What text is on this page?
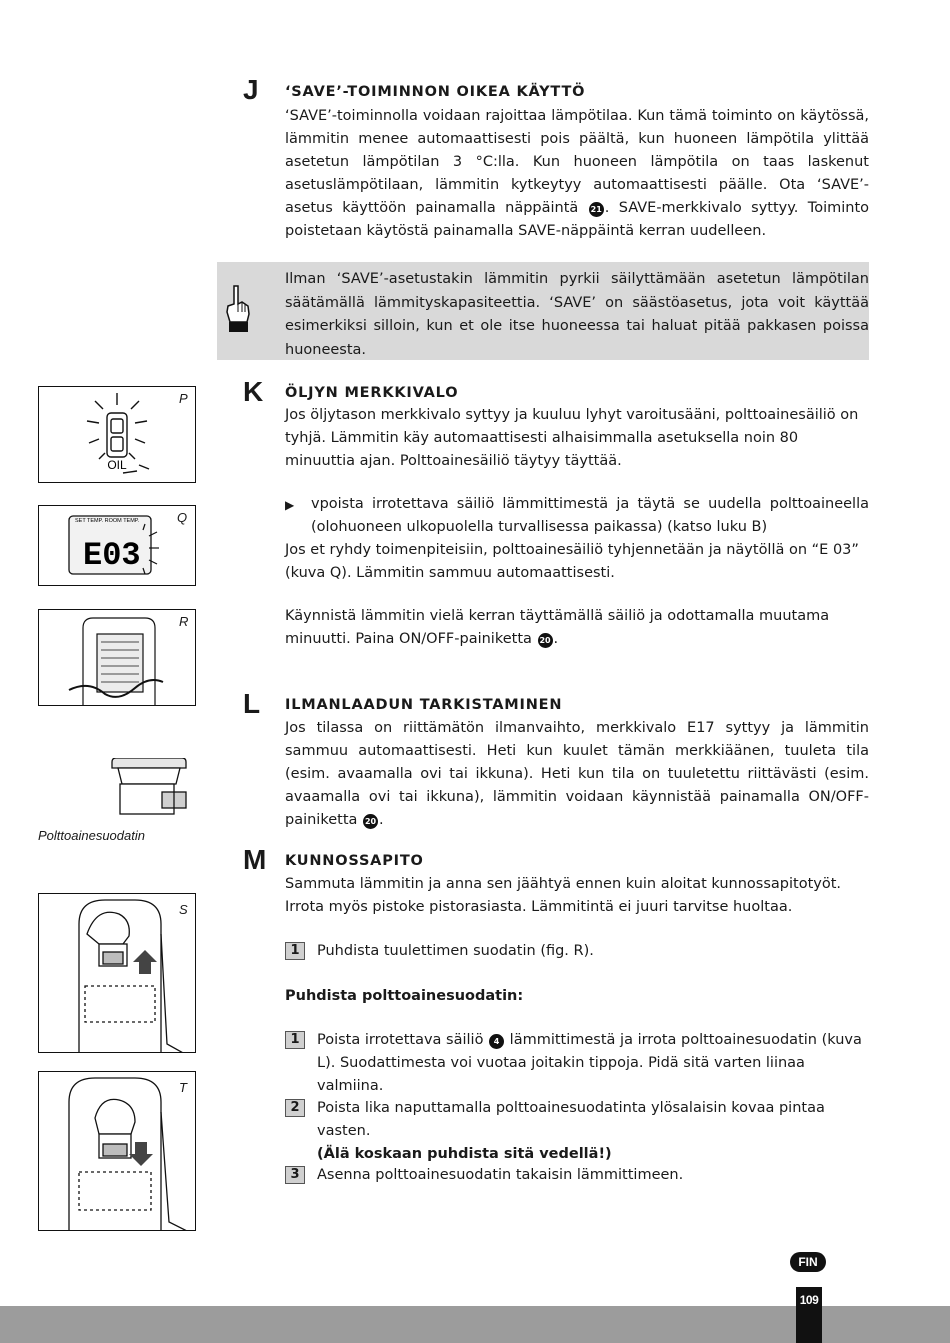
J ‘SAVE’-TOIMINNON OIKEA KÄYTTÖ

‘SAVE’-toiminnolla voidaan rajoittaa lämpötilaa. Kun tämä toiminto on käytössä, lämmitin menee automaattisesti pois päältä, kun huoneen lämpötila ylittää asetetun lämpötilan 3 °C:lla. Kun huoneen lämpötila on taas laskenut asetuslämpötilaan, lämmitin kytkeytyy automaattisesti päälle. Ota ‘SAVE’-asetus käyttöön painamalla näppäintä 21 . SAVE-merkkivalo syttyy. Toiminto poistetaan käytöstä painamalla SAVE-näppäintä kerran uudelleen.

Ilman ‘SAVE’-asetustakin lämmitin pyrkii säilyttämään asetetun lämpötilan säätämällä lämmityskapasiteettia. ‘SAVE’ on säästöasetus, jota voit käyttää esimerkiksi silloin, kun et ole itse huoneessa tai haluat pitää pakkasen poissa huoneesta.

K ÖLJYN MERKKIVALO

Jos öljytason merkkivalo syttyy ja kuuluu lyhyt varoitusääni, polttoainesäiliö on tyhjä. Lämmitin käy automaattisesti alhaisimmalla asetuksella noin 80 minuuttia ajan. Polttoainesäiliö täytyy täyttää.

▶ vpoista irrotettava säiliö lämmittimestä ja täytä se uudella polttoaineella (olohuoneen ulkopuolella turvallisessa paikassa) (katso luku B)

Jos et ryhdy toimenpiteisiin, polttoainesäiliö tyhjennetään ja näytöllä on “E 03” (kuva Q). Lämmitin sammuu automaattisesti.

Käynnistä lämmitin vielä kerran täyttämällä säiliö ja odottamalla muutama minuutti. Paina ON/OFF-painiketta 20 .

L ILMANLAADUN TARKISTAMINEN

Jos tilassa on riittämätön ilmanvaihto, merkkivalo E17 syttyy ja lämmitin sammuu automaattisesti. Heti kun kuulet tämän merkkiäänen, tuuleta tila (esim. avaamalla ovi tai ikkuna). Heti kun tila on tuuletettu riittävästi (esim. avaamalla ovi tai ikkuna), lämmitin voidaan käynnistää painamalla ON/OFF-painiketta 20 .

M KUNNOSSAPITO

Sammuta lämmitin ja anna sen jäähtyä ennen kuin aloitat kunnossapitotyöt. Irrota myös pistoke pistorasiasta. Lämmitintä ei juuri tarvitse huoltaa.

1	Puhdista tuulettimen suodatin (fig. R).

Puhdista polttoainesuodatin:

1	Poista irrotettava säiliö 4 lämmittimestä ja irrota polttoainesuodatin (kuva L). Suodattimesta voi vuotaa joitakin tippoja. Pidä sitä varten liinaa valmiina.

2	Poista lika naputtamalla polttoainesuodatinta ylösalaisin kovaa pintaa vasten.
(Älä koskaan puhdista sitä vedellä!)

3	Asenna polttoainesuodatin takaisin lämmittimeen.

OIL
P
SET TEMP. ROOM TEMP.
E03
Q
R
Polttoainesuodatin
S
T
FIN
109
